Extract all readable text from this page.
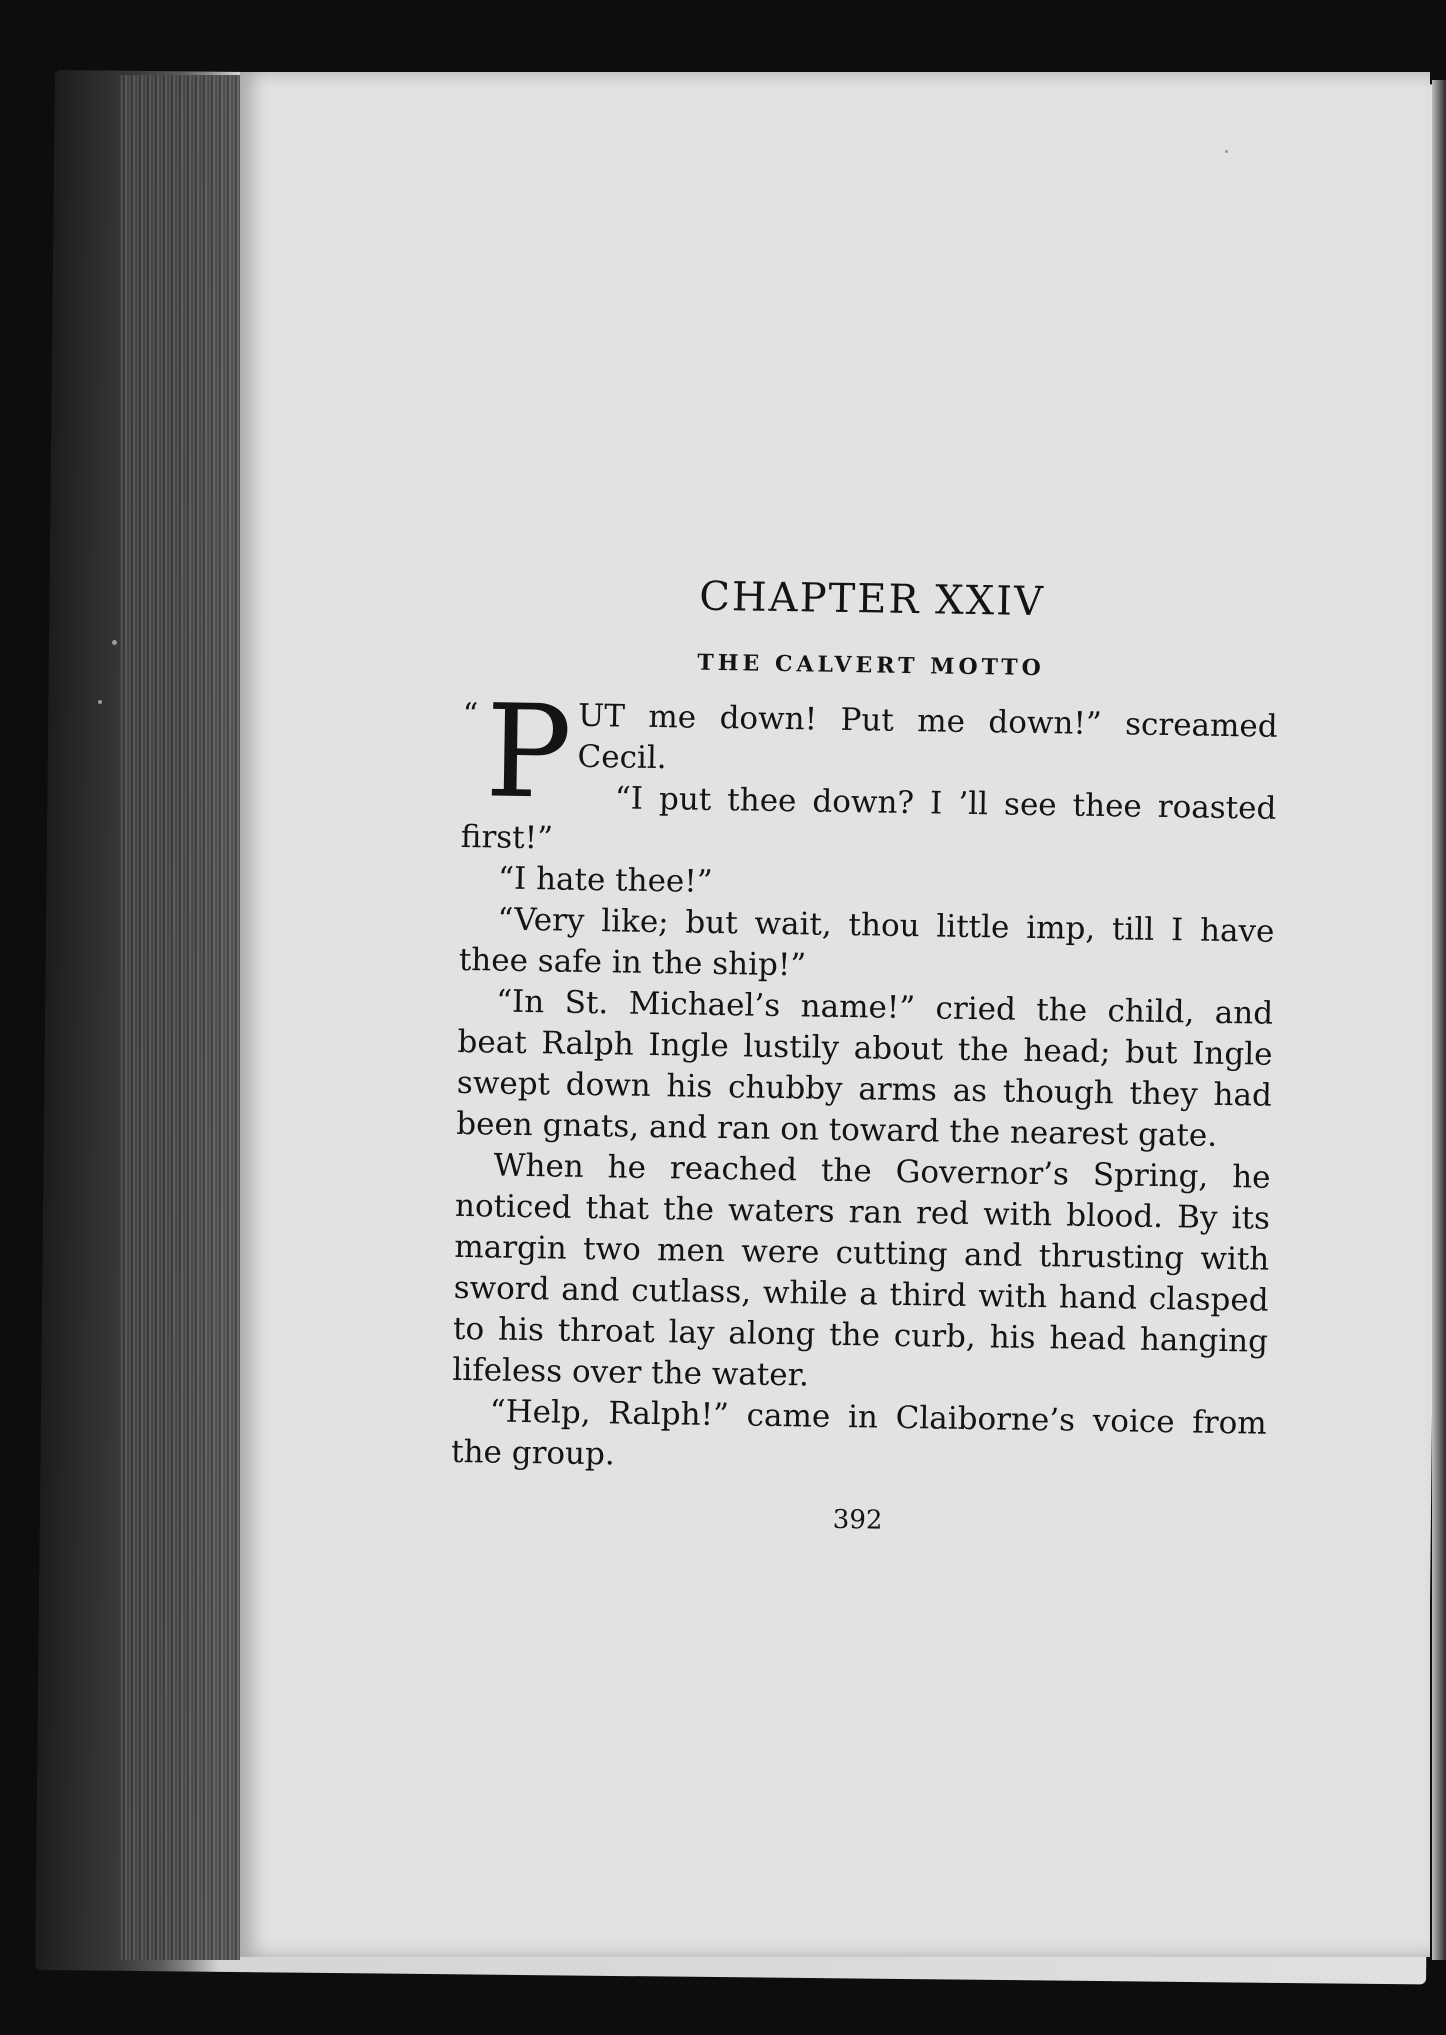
CHAPTER XXIV
THE CALVERT MOTTO

“ P UT me down! Put me down!” screamed Cecil.

“I put thee down? I ’ll see thee roasted first!”

“I hate thee!”

“Very like; but wait, thou little imp, till I have thee safe in the ship!”

“In St. Michael’s name!” cried the child, and beat Ralph Ingle lustily about the head; but Ingle swept down his chubby arms as though they had been gnats, and ran on toward the nearest gate.

When he reached the Governor’s Spring, he noticed that the waters ran red with blood. By its margin two men were cutting and thrusting with sword and cutlass, while a third with hand clasped to his throat lay along the curb, his head hanging lifeless over the water.

“Help, Ralph!” came in Claiborne’s voice from the group.

392
